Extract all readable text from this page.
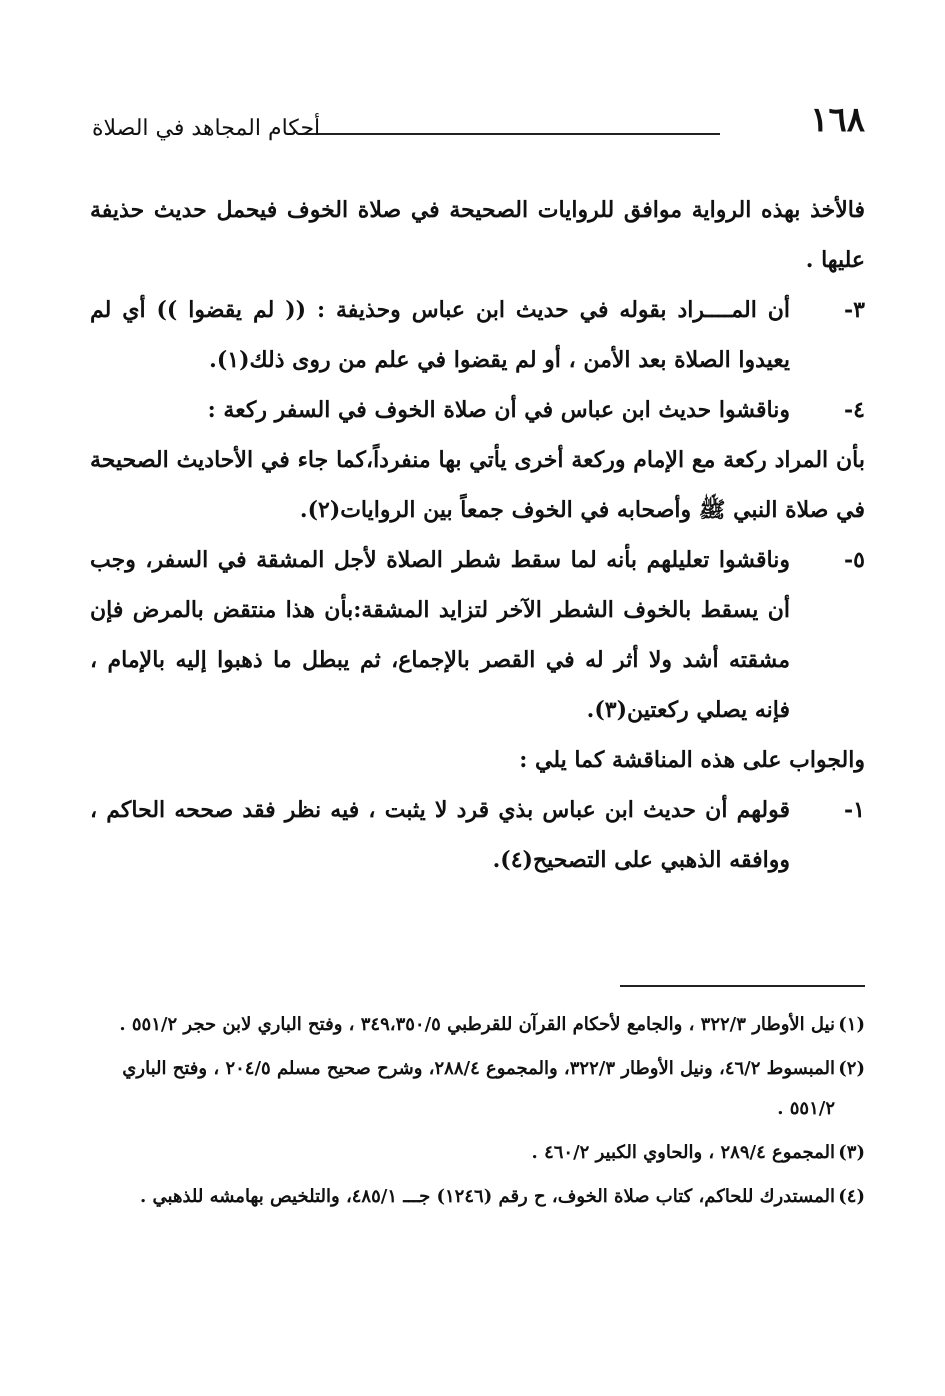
١٦٨
أحكام المجاهد في الصلاة

فالأخذ بهذه الرواية موافق للروايات الصحيحة في صلاة الخوف فيحمل حديث حذيفة عليها .

٣-
أن المــــراد بقوله في حديث ابن عباس وحذيفة : (( لم يقضوا )) أي لم يعيدوا الصلاة بعد الأمن ، أو لم يقضوا في علم من روى ذلك(١).
٤-
وناقشوا حديث ابن عباس في أن صلاة الخوف في السفر ركعة :

بأن المراد ركعة مع الإمام وركعة أخرى يأتي بها منفرداً،كما جاء في الأحاديث الصحيحة في صلاة النبي ﷺ وأصحابه في الخوف جمعاً بين الروايات(٢).

٥-
وناقشوا تعليلهم بأنه لما سقط شطر الصلاة لأجل المشقة في السفر، وجب أن يسقط بالخوف الشطر الآخر لتزايد المشقة:بأن هذا منتقض بالمرض فإن مشقته أشد ولا أثر له في القصر بالإجماع، ثم يبطل ما ذهبوا إليه بالإمام ، فإنه يصلي ركعتين(٣).

والجواب على هذه المناقشة كما يلي :

١-
قولهم أن حديث ابن عباس بذي قرد لا يثبت ، فيه نظر فقد صححه الحاكم ، ووافقه الذهبي على التصحيح(٤).
(١)
نيل الأوطار ٣٢٢/٣ ، والجامع لأحكام القرآن للقرطبي ٣٤٩،٣٥٠/٥ ، وفتح الباري لابن حجر ٥٥١/٢ .
(٢)
المبسوط ٤٦/٢، ونيل الأوطار ٣٢٢/٣، والمجموع ٢٨٨/٤، وشرح صحيح مسلم ٢٠٤/٥ ، وفتح الباري ٥٥١/٢ .
(٣)
المجموع ٢٨٩/٤ ، والحاوي الكبير ٤٦٠/٢ .
(٤)
المستدرك للحاكم، كتاب صلاة الخوف، ح رقم (١٢٤٦) جـــ ٤٨٥/١، والتلخيص بهامشه للذهبي .
